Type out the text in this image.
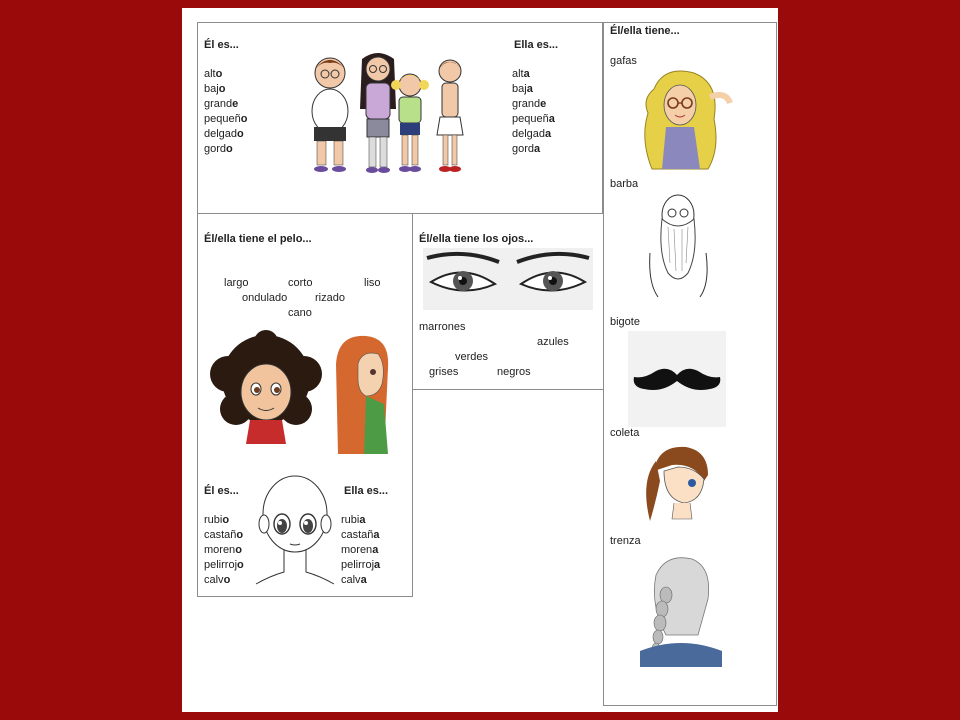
Él es...
alto
bajo
grande
pequeño
delgado
gordo
Ella es...
alta
baja
grande
pequeña
delgada
gorda
Él/ella tiene el pelo...
largo	corto	liso
ondulado	rizado
cano
Él es...
rubio
castaño
moreno
pelirrojo
calvo
Ella es...
rubia
castaña
morena
pelirroja
calva
Él/ella tiene los ojos...
marrones
azules
verdes
grises	negros
Él/ella tiene...
gafas
barba
bigote
coleta
trenza
